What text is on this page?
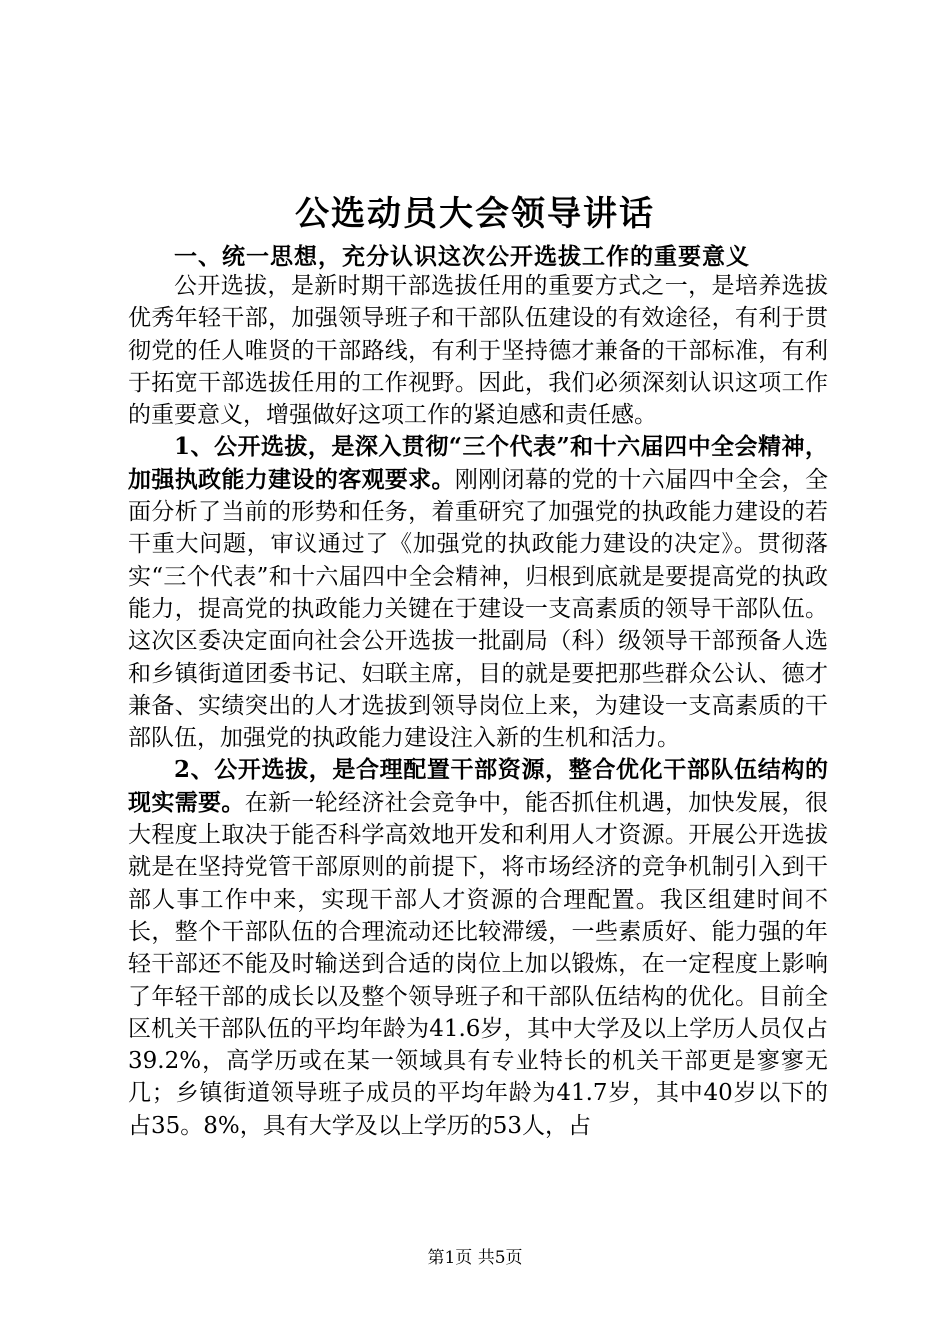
公选动员大会领导讲话
一、统一思想，充分认识这次公开选拔工作的重要意义

公开选拔，是新时期干部选拔任用的重要方式之一，是培养选拔优秀年轻干部，加强领导班子和干部队伍建设的有效途径，有利于贯彻党的任人唯贤的干部路线，有利于坚持德才兼备的干部标准，有利于拓宽干部选拔任用的工作视野。因此，我们必须深刻认识这项工作的重要意义，增强做好这项工作的紧迫感和责任感。

1、公开选拔，是深入贯彻“三个代表”和十六届四中全会精神，加强执政能力建设的客观要求。刚刚闭幕的党的十六届四中全会，全面分析了当前的形势和任务，着重研究了加强党的执政能力建设的若干重大问题，审议通过了《加强党的执政能力建设的决定》。贯彻落实“三个代表”和十六届四中全会精神，归根到底就是要提高党的执政能力，提高党的执政能力关键在于建设一支高素质的领导干部队伍。这次区委决定面向社会公开选拔一批副局（科）级领导干部预备人选和乡镇街道团委书记、妇联主席，目的就是要把那些群众公认、德才兼备、实绩突出的人才选拔到领导岗位上来，为建设一支高素质的干部队伍，加强党的执政能力建设注入新的生机和活力。

2、公开选拔，是合理配置干部资源，整合优化干部队伍结构的现实需要。在新一轮经济社会竞争中，能否抓住机遇，加快发展，很大程度上取决于能否科学高效地开发和利用人才资源。开展公开选拔就是在坚持党管干部原则的前提下，将市场经济的竞争机制引入到干部人事工作中来，实现干部人才资源的合理配置。我区组建时间不长，整个干部队伍的合理流动还比较滞缓，一些素质好、能力强的年轻干部还不能及时输送到合适的岗位上加以锻炼，在一定程度上影响了年轻干部的成长以及整个领导班子和干部队伍结构的优化。目前全区机关干部队伍的平均年龄为41.6岁，其中大学及以上学历人员仅占39.2%，高学历或在某一领域具有专业特长的机关干部更是寥寥无几；乡镇街道领导班子成员的平均年龄为41.7岁，其中40岁以下的占35。8%，具有大学及以上学历的53人，占

第1页 共5页
